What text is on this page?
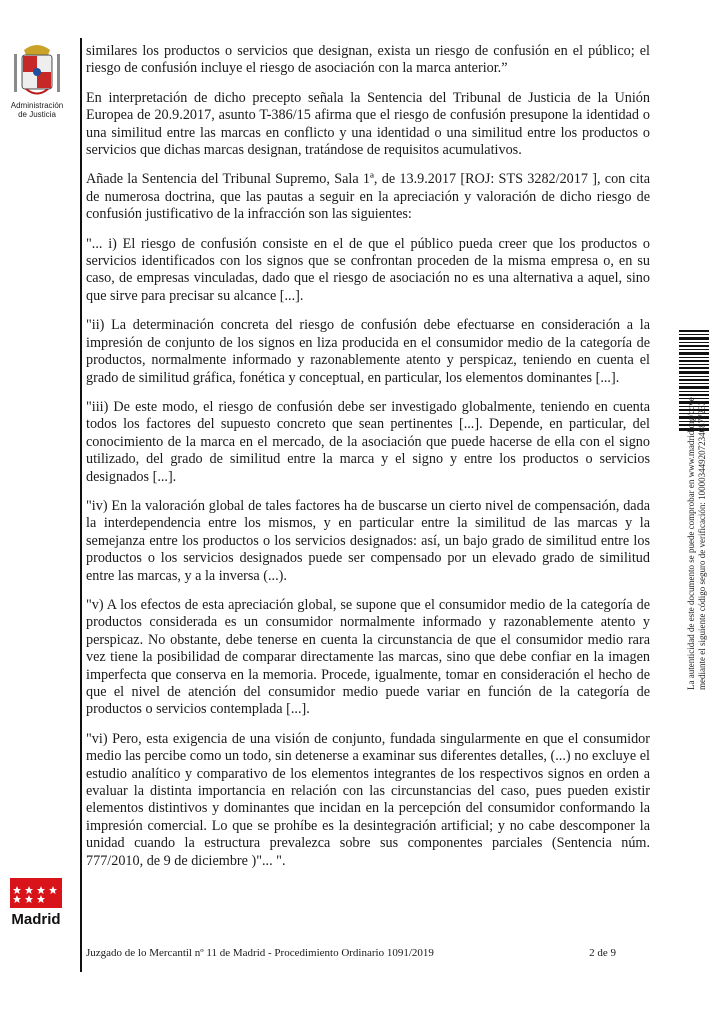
Administración
de Justicia
Madrid

similares los productos o servicios que designan, exista un riesgo de confusión en el público; el riesgo de confusión incluye el riesgo de asociación con la marca anterior.”

En interpretación de dicho precepto señala la Sentencia del Tribunal de Justicia de la Unión Europea de 20.9.2017, asunto T-386/15 afirma que el riesgo de confusión presupone la identidad o una similitud entre las marcas en conflicto y una identidad o una similitud entre los productos o servicios que dichas marcas designan, tratándose de requisitos acumulativos.

Añade la Sentencia del Tribunal Supremo, Sala 1ª, de 13.9.2017 [ROJ: STS 3282/2017 ], con cita de numerosa doctrina, que las pautas a seguir en la apreciación y valoración de dicho riesgo de confusión justificativo de la infracción son las siguientes:

"... i) El riesgo de confusión consiste en el de que el público pueda creer que los productos o servicios identificados con los signos que se confrontan proceden de la misma empresa o, en su caso, de empresas vinculadas, dado que el riesgo de asociación no es una alternativa a aquel, sino que sirve para precisar su alcance [...].

"ii) La determinación concreta del riesgo de confusión debe efectuarse en consideración a la impresión de conjunto de los signos en liza producida en el consumidor medio de la categoría de productos, normalmente informado y razonablemente atento y perspicaz, teniendo en cuenta el grado de similitud gráfica, fonética y conceptual, en particular, los elementos dominantes [...].

"iii) De este modo, el riesgo de confusión debe ser investigado globalmente, teniendo en cuenta todos los factores del supuesto concreto que sean pertinentes [...]. Depende, en particular, del conocimiento de la marca en el mercado, de la asociación que puede hacerse de ella con el signo utilizado, del grado de similitud entre la marca y el signo y entre los productos o servicios designados [...].

"iv) En la valoración global de tales factores ha de buscarse un cierto nivel de compensación, dada la interdependencia entre los mismos, y en particular entre la similitud de las marcas y la semejanza entre los productos o los servicios designados: así, un bajo grado de similitud entre los productos o los servicios designados puede ser compensado por un elevado grado de similitud entre las marcas, y a la inversa (...).

"v) A los efectos de esta apreciación global, se supone que el consumidor medio de la categoría de productos considerada es un consumidor normalmente informado y razonablemente atento y perspicaz. No obstante, debe tenerse en cuenta la circunstancia de que el consumidor medio rara vez tiene la posibilidad de comparar directamente las marcas, sino que debe confiar en la imagen imperfecta que conserva en la memoria. Procede, igualmente, tomar en consideración el hecho de que el nivel de atención del consumidor medio puede variar en función de la categoría de productos o servicios contemplada [...].

"vi) Pero, esta exigencia de una visión de conjunto, fundada singularmente en que el consumidor medio las percibe como un todo, sin detenerse a examinar sus diferentes detalles, (...) no excluye el estudio analítico y comparativo de los elementos integrantes de los respectivos signos en orden a evaluar la distinta importancia en relación con las circunstancias del caso, pues pueden existir elementos distintivos y dominantes que incidan en la percepción del consumidor conformando la impresión comercial. Lo que se prohíbe es la desintegración artificial; y no cabe descomponer la unidad cuando la estructura prevalezca sobre sus componentes parciales (Sentencia núm. 777/2010, de 9 de diciembre )"... ".

La autenticidad de este documento se puede comprobar en www.madrid.org/cove mediante el siguiente código seguro de verificación: 1000034492072346877233
Juzgado de lo Mercantil nº 11 de Madrid - Procedimiento Ordinario 1091/2019	2 de 9
